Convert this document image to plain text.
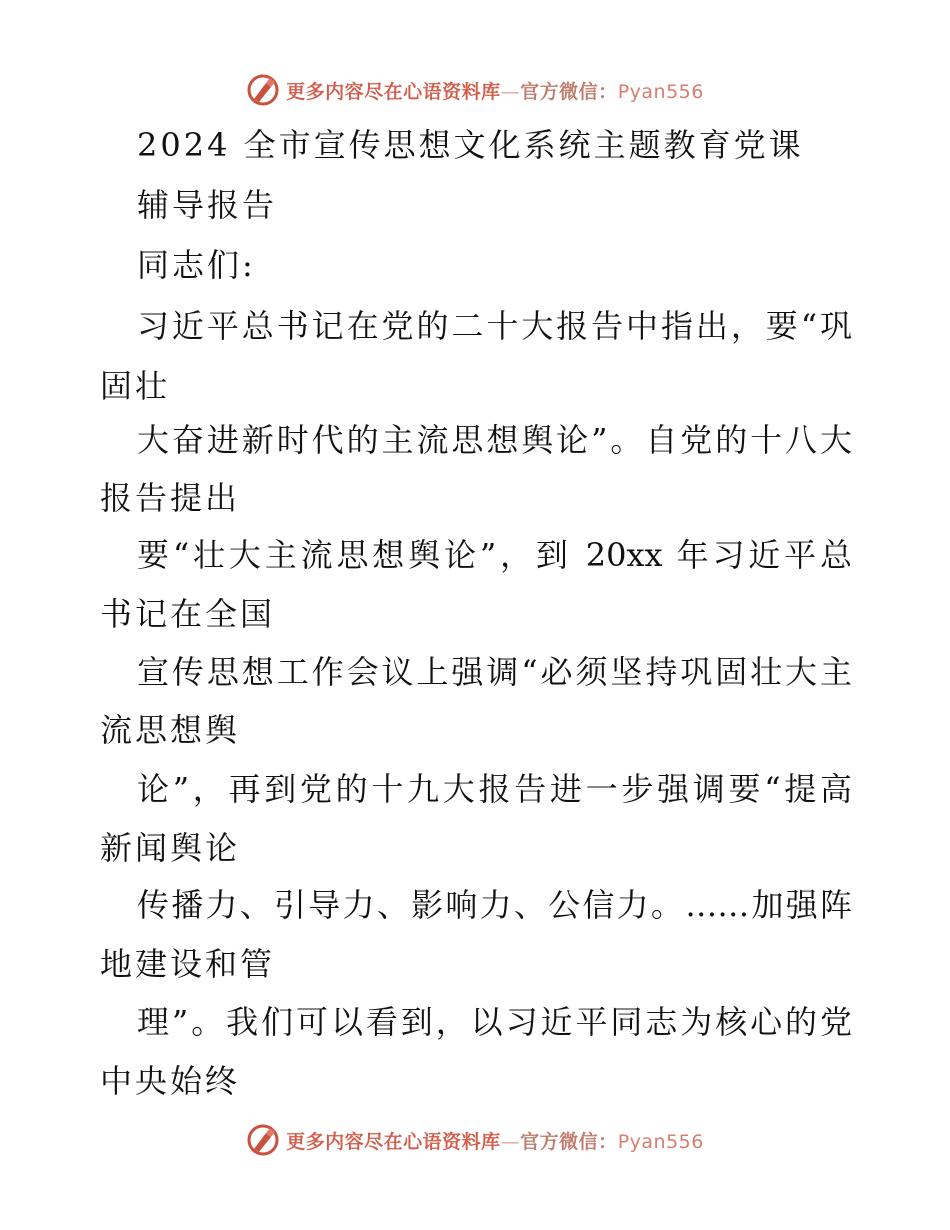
更多内容尽在心语资料库—官方微信：Pyan556
2024 全市宣传思想文化系统主题教育党课
辅导报告
同志们:
习近平总书记在党的二十大报告中指出，要“巩
固壮
大奋进新时代的主流思想舆论”。自党的十八大
报告提出
要“壮大主流思想舆论”，到 20xx 年习近平总
书记在全国
宣传思想工作会议上强调“必须坚持巩固壮大主
流思想舆
论”，再到党的十九大报告进一步强调要“提高
新闻舆论
传播力、引导力、影响力、公信力。……加强阵
地建设和管
理”。我们可以看到，以习近平同志为核心的党
中央始终
更多内容尽在心语资料库—官方微信：Pyan556
